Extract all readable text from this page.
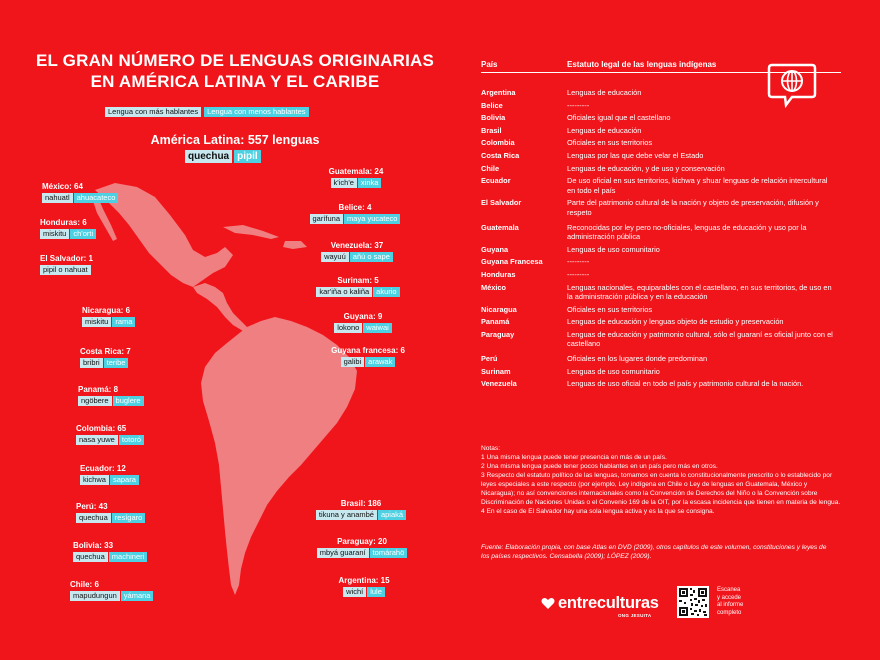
EL GRAN NÚMERO DE LENGUAS ORIGINARIAS
EN AMÉRICA LATINA Y EL CARIBE
Lengua con más hablantes	Lengua con menos hablantes
América Latina: 557 lenguas
quechua pipil
México: 64
nahuatl ahuacateco
Honduras: 6
miskitu ch'orti
El Salvador: 1
pipil o nahuat
Nicaragua: 6
miskitu rama
Costa Rica: 7
bribri teribe
Panamá: 8
ngöbere buglere
Colombia: 65
nasa yuwe totoró
Ecuador: 12
kichwa sapara
Perú: 43
quechua resígaro
Bolivia: 33
quechua machineri
Chile: 6
mapudungun yámana
Guatemala: 24
k'ich'e xinka
Belice: 4
garífuna maya yucateco
Venezuela: 37
wayuú añú o sape
Surinam: 5
kar'iña o kaliña akurio
Guyana: 9
lokono waiwai
Guyana francesa: 6
galibi arawak
Brasil: 186
tikuna y anambé apiaká
Paraguay: 20
mbyá guaraní tomárahö
Argentina: 15
wichí lule
País	Estatuto legal de las lenguas indígenas
Argentina	Lenguas de educación
Belice	---------
Bolivia	Oficiales igual que el castellano
Brasil	Lenguas de educación
Colombia	Oficiales en sus territorios
Costa Rica	Lenguas por las que debe velar el Estado
Chile	Lenguas de educación, y de uso y conservación
Ecuador	De uso oficial en sus territorios, kichwa y shuar lenguas de relación intercultural en todo el país
El Salvador	Parte del patrimonio cultural de la nación y objeto de preservación, difusión y respeto
Guatemala	Reconocidas por ley pero no-oficiales, lenguas de educación y uso por la administración pública
Guyana	Lenguas de uso comunitario
Guyana Francesa	---------
Honduras	---------
México	Lenguas nacionales, equiparables con el castellano, en sus territorios, de uso en la administración pública y en la educación
Nicaragua	Oficiales en sus territorios
Panamá	Lenguas de educación y lenguas objeto de estudio y preservación
Paraguay	Lenguas de educación y patrimonio cultural, sólo el guaraní es oficial junto con el castellano
Perú	Oficiales en los lugares donde predominan
Surinam	Lenguas de uso comunitario
Venezuela	Lenguas de uso oficial en todo el país y patrimonio cultural de la nación.
Notas:
1 Una misma lengua puede tener presencia en más de un país.
2 Una misma lengua puede tener pocos hablantes en un país pero más en otros.
3 Respecto del estatuto político de las lenguas, tomamos en cuenta lo constitucionalmente prescrito o lo establecido por leyes especiales a este respecto (por ejemplo, Ley indígena en Chile o Ley de lenguas en Guatemala, México y Nicaragua); no así convenciones internacionales como la Convención de Derechos del Niño o la Convención sobre Discriminación de Naciones Unidas o el Convenio 169 de la OIT, por la escasa incidencia que tienen en materia de lengua.
4 En el caso de El Salvador hay una sola lengua activa y es la que se consigna.
Fuente: Elaboración propia, con base Atlas en DVD (2009), otros capítulos de este volumen, constituciones y leyes de los países respectivos. Censabella (2009); LÓPEZ (2009).
entreculturas
ONG JESUITA
Escanea
y accede
al informe
completo
